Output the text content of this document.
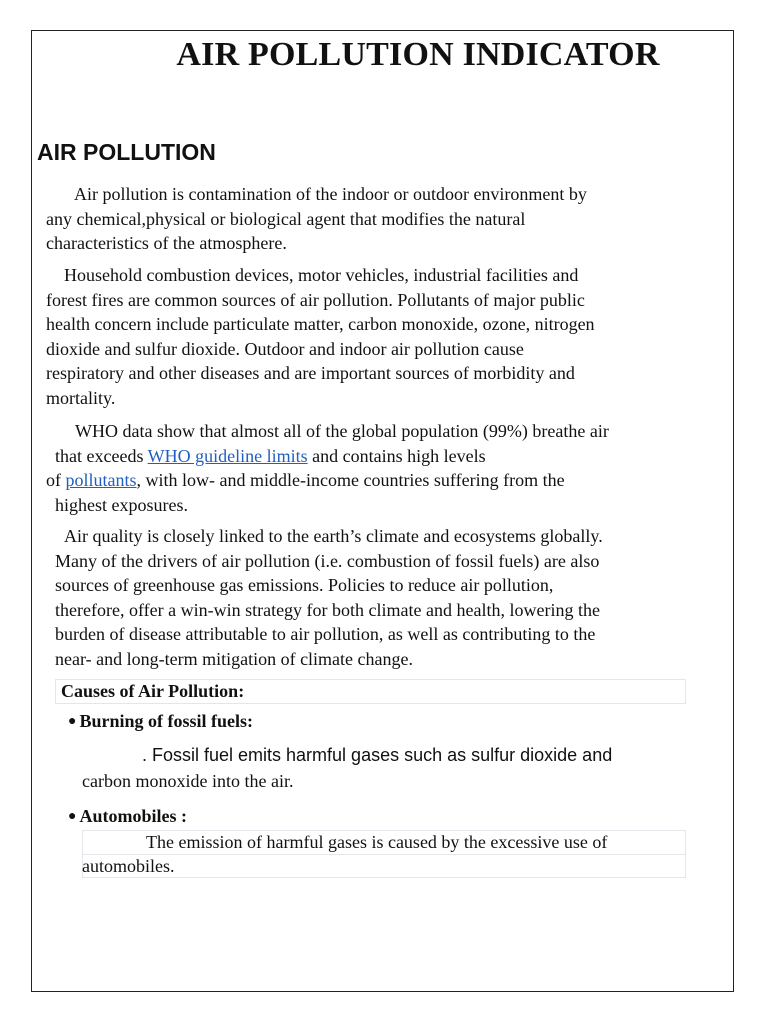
AIR POLLUTION INDICATOR
AIR POLLUTION
Air pollution is contamination of the indoor or outdoor environment by
any chemical,physical or biological agent that modifies the natural
characteristics of the atmosphere.
Household combustion devices, motor vehicles, industrial facilities and
forest fires are common sources of air pollution. Pollutants of major public
health concern include particulate matter, carbon monoxide, ozone, nitrogen
dioxide and sulfur dioxide. Outdoor and indoor air pollution cause
respiratory and other diseases and are important sources of morbidity and
mortality.
WHO data show that almost all of the global population (99%) breathe air
that exceeds WHO guideline limits and contains high levels
of pollutants, with low- and middle-income countries suffering from the
highest exposures.
Air quality is closely linked to the earth’s climate and ecosystems globally.
Many of the drivers of air pollution (i.e. combustion of fossil fuels) are also
sources of greenhouse gas emissions. Policies to reduce air pollution,
therefore, offer a win-win strategy for both climate and health, lowering the
burden of disease attributable to air pollution, as well as contributing to the
near- and long-term mitigation of climate change.

Causes of Air Pollution:

● Burning of fossil fuels:

. Fossil fuel emits harmful gases such as sulfur dioxide and

carbon monoxide into the air.

● Automobiles :

The emission of harmful gases is caused by the excessive use of

automobiles.
